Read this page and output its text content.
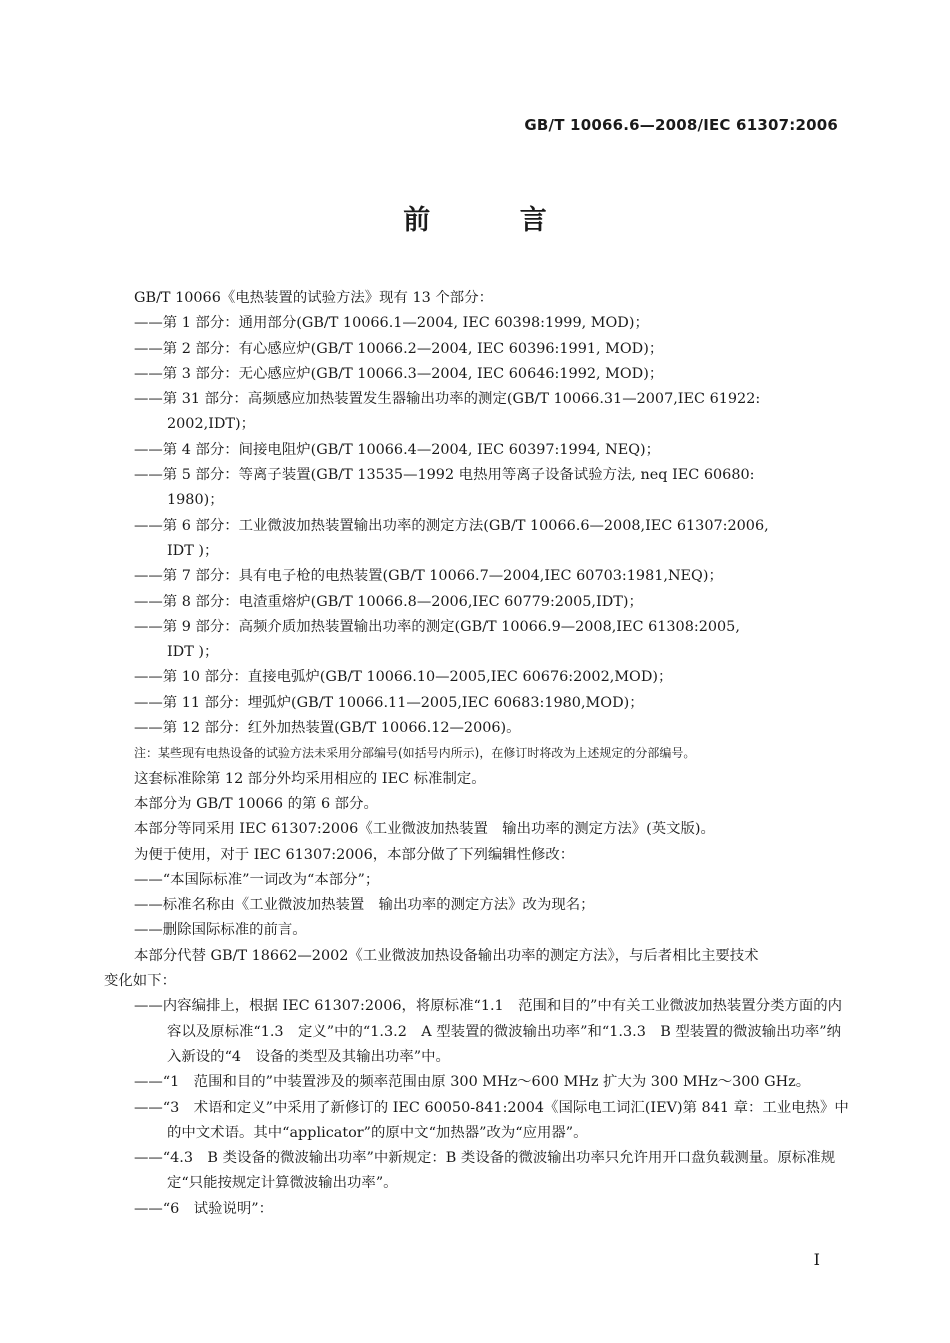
GB/T 10066.6—2008/IEC 61307:2006
前 言

GB/T 10066《电热装置的试验方法》现有 13 个部分：

——第 1 部分：通用部分(GB/T 10066.1—2004, IEC 60398:1999, MOD)；

——第 2 部分：有心感应炉(GB/T 10066.2—2004, IEC 60396:1991, MOD)；

——第 3 部分：无心感应炉(GB/T 10066.3—2004, IEC 60646:1992, MOD)；

——第 31 部分：高频感应加热装置发生器输出功率的测定(GB/T 10066.31—2007,IEC 61922:

2002,IDT)；

——第 4 部分：间接电阻炉(GB/T 10066.4—2004, IEC 60397:1994, NEQ)；

——第 5 部分：等离子装置(GB/T 13535—1992 电热用等离子设备试验方法, neq IEC 60680:

1980)；

——第 6 部分：工业微波加热装置输出功率的测定方法(GB/T 10066.6—2008,IEC 61307:2006,

IDT )；

——第 7 部分：具有电子枪的电热装置(GB/T 10066.7—2004,IEC 60703:1981,NEQ)；

——第 8 部分：电渣重熔炉(GB/T 10066.8—2006,IEC 60779:2005,IDT)；

——第 9 部分：高频介质加热装置输出功率的测定(GB/T 10066.9—2008,IEC 61308:2005,

IDT )；

——第 10 部分：直接电弧炉(GB/T 10066.10—2005,IEC 60676:2002,MOD)；

——第 11 部分：埋弧炉(GB/T 10066.11—2005,IEC 60683:1980,MOD)；

——第 12 部分：红外加热装置(GB/T 10066.12—2006)。

注：某些现有电热设备的试验方法未采用分部编号(如括号内所示)，在修订时将改为上述规定的分部编号。

这套标准除第 12 部分外均采用相应的 IEC 标准制定。

本部分为 GB/T 10066 的第 6 部分。

本部分等同采用 IEC 61307:2006《工业微波加热装置　输出功率的测定方法》(英文版)。

为便于使用，对于 IEC 61307:2006，本部分做了下列编辑性修改：

——“本国际标准”一词改为“本部分”；

——标准名称由《工业微波加热装置　输出功率的测定方法》改为现名；

——删除国际标准的前言。

本部分代替 GB/T 18662—2002《工业微波加热设备输出功率的测定方法》，与后者相比主要技术

变化如下：

——内容编排上，根据 IEC 61307:2006，将原标准“1.1　范围和目的”中有关工业微波加热装置分类方面的内容以及原标准“1.3　定义”中的“1.3.2　A 型装置的微波输出功率”和“1.3.3　B 型装置的微波输出功率”纳入新设的“4　设备的类型及其输出功率”中。

——“1　范围和目的”中装置涉及的频率范围由原 300 MHz～600 MHz 扩大为 300 MHz～300 GHz。

——“3　术语和定义”中采用了新修订的 IEC 60050-841:2004《国际电工词汇(IEV)第 841 章：工业电热》中的中文术语。其中“applicator”的原中文“加热器”改为“应用器”。

——“4.3　B 类设备的微波输出功率”中新规定：B 类设备的微波输出功率只允许用开口盘负载测量。原标准规定“只能按规定计算微波输出功率”。

——“6　试验说明”：

I
